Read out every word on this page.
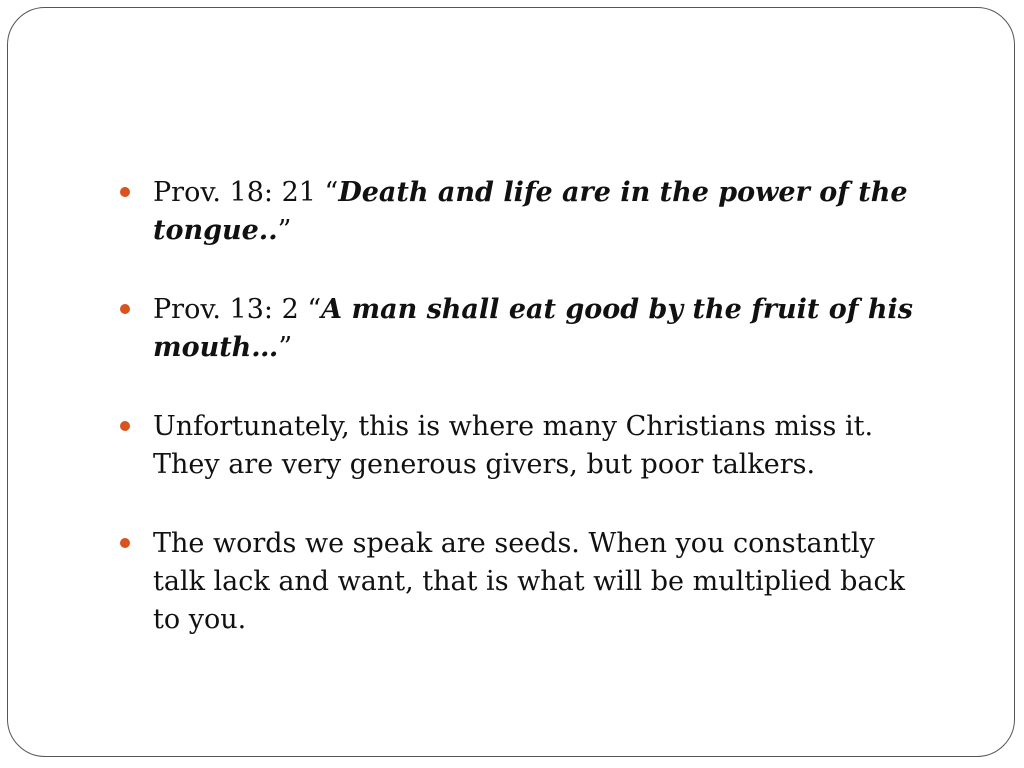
Prov. 18: 21 “Death and life are in the power of the tongue..”

Prov. 13: 2 “A man shall eat good by the fruit of his mouth…”

Unfortunately, this is where many Christians miss it. They are very generous givers, but poor talkers.

The words we speak are seeds. When you constantly talk lack and want, that is what will be multiplied back to you.
